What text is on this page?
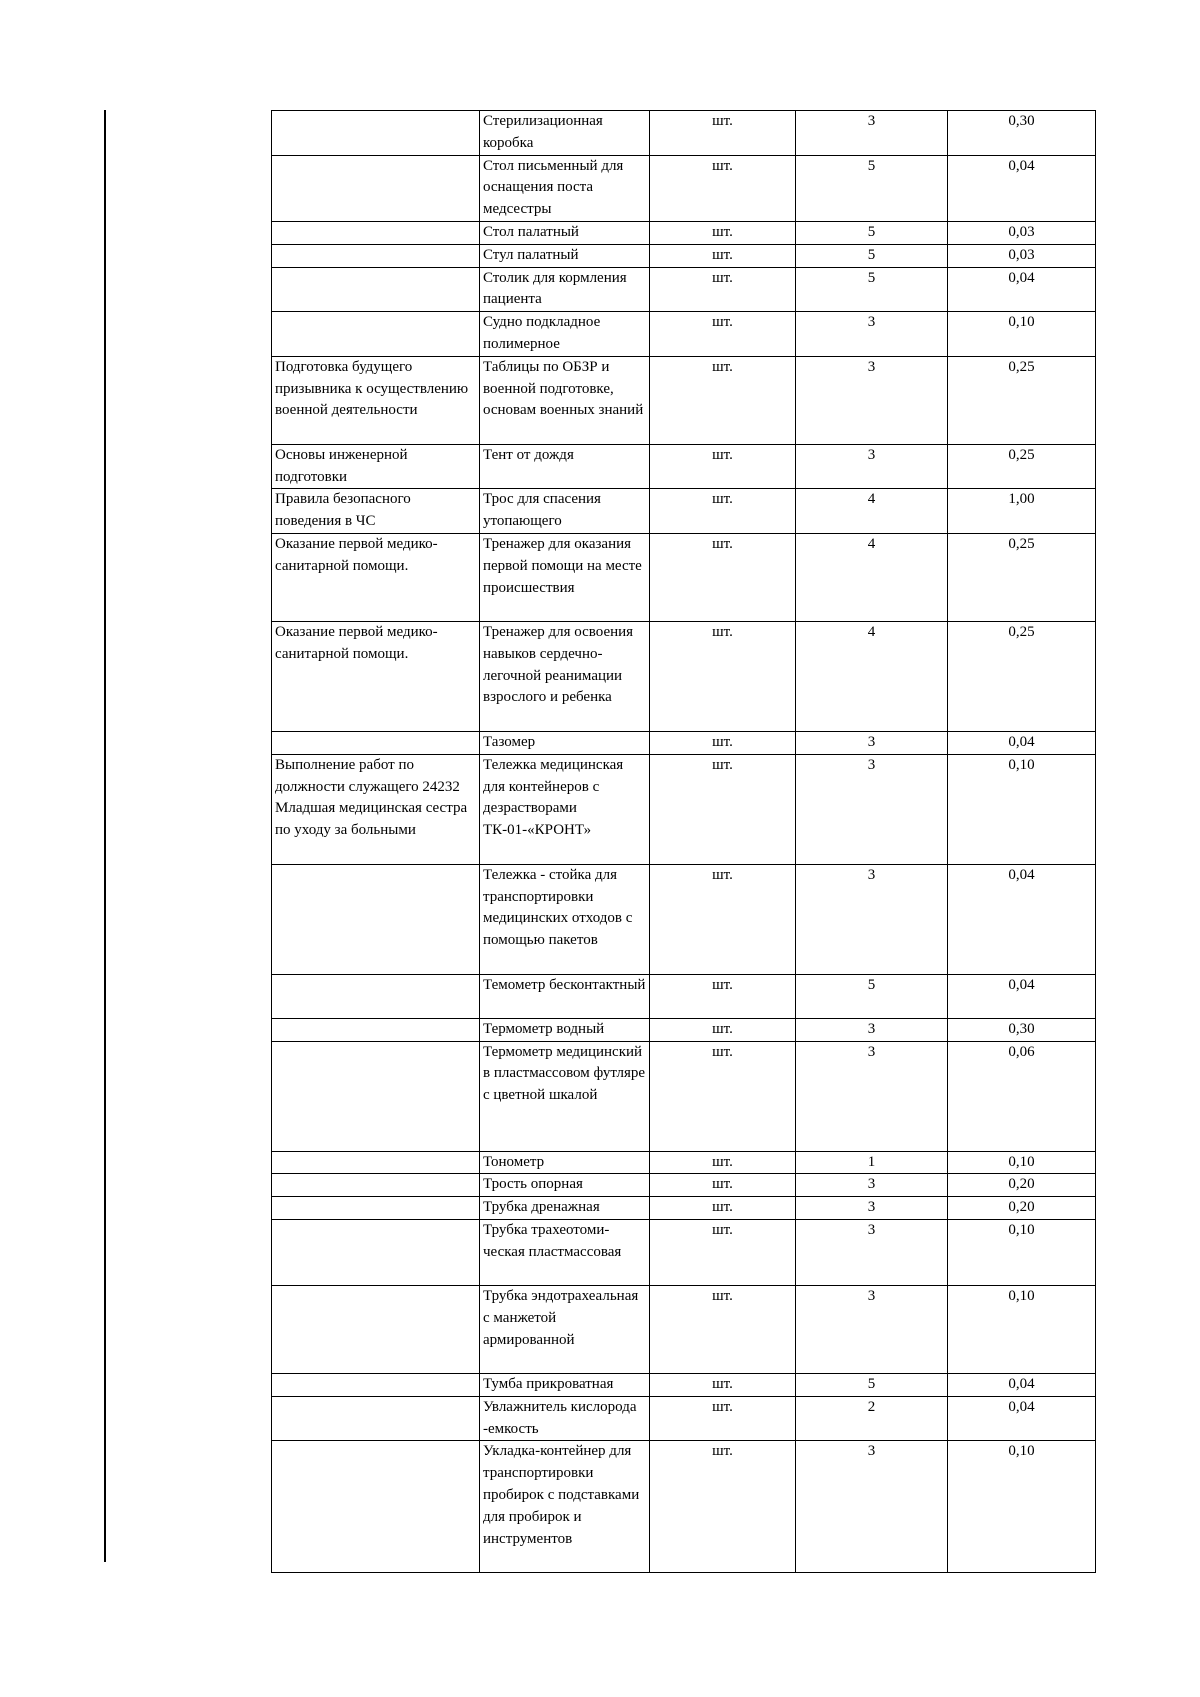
	Стерилизационная коробка	шт.	3	0,30
	Стол письменный для оснащения поста медсестры	шт.	5	0,04
	Стол палатный	шт.	5	0,03
	Стул палатный	шт.	5	0,03
	Столик для кормления пациента	шт.	5	0,04
	Судно подкладное полимерное	шт.	3	0,10
Подготовка будущего призывника к осуществлению военной деятельности	Таблицы по ОБЗР и военной подготовке, основам военных знаний	шт.	3	0,25
Основы инженерной подготовки	Тент от дождя	шт.	3	0,25
Правила безопасного поведения в ЧС	Трос для спасения утопающего	шт.	4	1,00
Оказание первой медико-санитарной помощи.	Тренажер для оказания первой помощи на месте происшествия	шт.	4	0,25
Оказание первой медико-санитарной помощи.	Тренажер для освоения навыков сердечно-легочной реанимации взрослого и ребенка	шт.	4	0,25
	Тазомер	шт.	3	0,04
Выполнение работ по должности служащего 24232 Младшая медицинская сестра по уходу за больными	Тележка медицинская для контейнеров с дезрастворами ТК-01-«КРОНТ»	шт.	3	0,10
	Тележка - стойка для транспортировки медицинских отходов с помощью пакетов	шт.	3	0,04
	Темометр бесконтактный	шт.	5	0,04
	Термометр водный	шт.	3	0,30
	Термометр медицинский в пластмассовом футляре с цветной шкалой	шт.	3	0,06
	Тонометр	шт.	1	0,10
	Трость опорная	шт.	3	0,20
	Трубка дренажная	шт.	3	0,20
	Трубка трахеотоми-ческая пластмассовая	шт.	3	0,10
	Трубка эндотрахеальная с манжетой армированной	шт.	3	0,10
	Тумба прикроватная	шт.	5	0,04
	Увлажнитель кислорода -емкость	шт.	2	0,04
	Укладка-контейнер для транспортировки пробирок с подставками для пробирок и инструментов	шт.	3	0,10
